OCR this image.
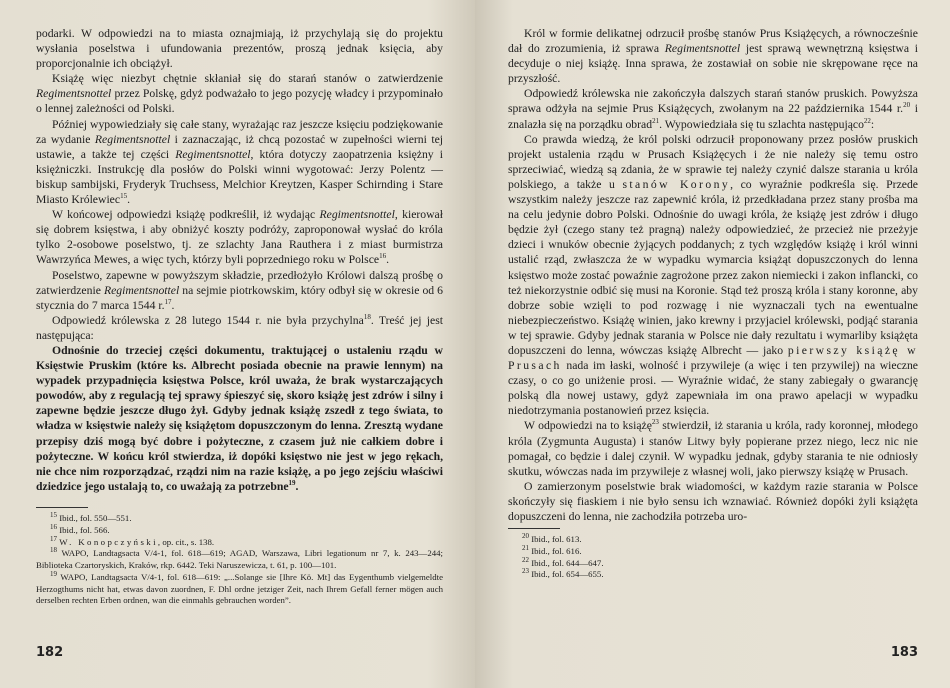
podarki. W odpowiedzi na to miasta oznajmiają, iż przychylają się do projektu wysłania poselstwa i ufundowania prezentów, proszą jednak księcia, aby proporcjonalnie ich obciążył.

Książę więc niezbyt chętnie skłaniał się do starań stanów o zatwierdzenie Regimentsnottel przez Polskę, gdyż podważało to jego pozycję władcy i przypominało o lennej zależności od Polski.

Później wypowiedziały się całe stany, wyrażając raz jeszcze księciu podziękowanie za wydanie Regimentsnottel i zaznaczając, iż chcą pozostać w zupełności wierni tej ustawie, a także tej części Regimentsnottel, która dotyczy zaopatrzenia księżny i księżniczki. Instrukcję dla posłów do Polski winni wygotować: Jerzy Polentz — biskup sambijski, Fryderyk Truchsess, Melchior Kreytzen, Kasper Schirnding i Stare Miasto Królewiec$^{15}$.

W końcowej odpowiedzi książę podkreślił, iż wydając Regimentsnottel, kierował się dobrem księstwa, i aby obniżyć koszty podróży, zaproponował wysłać do króla tylko 2-osobowe poselstwo, tj. ze szlachty Jana Rauthera i z miast burmistrza Wawrzyńca Mewes, a więc tych, którzy byli poprzedniego roku w Polsce$^{16}$.

Poselstwo, zapewne w powyższym składzie, przedłożyło Królowi dalszą prośbę o zatwierdzenie Regimentsnottel na sejmie piotrkowskim, który odbył się w okresie od 6 stycznia do 7 marca 1544 r.$^{17}$.

Odpowiedź królewska z 28 lutego 1544 r. nie była przychylna$^{18}$. Treść jej jest następująca:

Odnośnie do trzeciej części dokumentu, traktującej o ustaleniu rządu w Księstwie Pruskim (które ks. Albrecht posiada obecnie na prawie lennym) na wypadek przypadnięcia księstwa Polsce, król uważa, że brak wystarczających powodów, aby z regulacją tej sprawy śpieszyć się, skoro książę jest zdrów i silny i zapewne będzie jeszcze długo żył. Gdyby jednak książę zszedł z tego świata, to władza w księstwie należy się książętom dopuszczonym do lenna. Zresztą wydane przepisy dziś mogą być dobre i pożyteczne, z czasem już nie całkiem dobre i pożyteczne. W końcu król stwierdza, iż dopóki księstwo nie jest w jego rękach, nie chce nim rozporządzać, rządzi nim na razie książę, a po jego zejściu właściwi dziedzice jego ustalają to, co uważają za potrzebne$^{19}$.

$^{15}$ Ibid., fol. 550—551.

$^{16}$ Ibid., fol. 566.

$^{17}$ W. Konopczyński, op. cit., s. 138.

$^{18}$ WAPO, Landtagsacta V/4-1, fol. 618—619; AGAD, Warszawa, Libri legationum nr 7, k. 243—244; Biblioteka Czartoryskich, Kraków, rkp. 6442. Teki Naruszewicza, t. 61, p. 100—101.

$^{19}$ WAPO, Landtagsacta V/4-1, fol. 618—619: „...Solange sie [Ihre Kö. Mt] das Eygenthumb vielgemeldte Herzogthums nicht hat, etwas davon zuordnen, F. Dhl ordne jetziger Zeit, nach Ihrem Gefall ferner mögen auch derselben rechten Erben ordnen, wan die einmahls gebrauchen worden”.

182

Król w formie delikatnej odrzucił prośbę stanów Prus Książęcych, a równocześnie dał do zrozumienia, iż sprawa Regimentsnottel jest sprawą wewnętrzną księstwa i decyduje o niej książę. Inna sprawa, że zostawiał on sobie nie skrępowane ręce na przyszłość.

Odpowiedź królewska nie zakończyła dalszych starań stanów pruskich. Powyższa sprawa odżyła na sejmie Prus Książęcych, zwołanym na 22 października 1544 r.$^{20}$ i znalazła się na porządku obrad$^{21}$. Wypowiedziała się tu szlachta następująco$^{22}$:

Co prawda wiedzą, że król polski odrzucił proponowany przez posłów pruskich projekt ustalenia rządu w Prusach Książęcych i że nie należy się temu ostro sprzeciwiać, wiedzą są zdania, że w sprawie tej należy czynić dalsze starania u króla polskiego, a także u stanów Korony, co wyraźnie podkreśla się. Przede wszystkim należy jeszcze raz zapewnić króla, iż przedkładana przez stany prośba ma na celu jedynie dobro Polski. Odnośnie do uwagi króla, że książę jest zdrów i długo będzie żył (czego stany też pragną) należy odpowiedzieć, że przecież nie przeżyje dzieci i wnuków obecnie żyjących poddanych; z tych względów książę i król winni ustalić rząd, zwłaszcza że w wypadku wymarcia książąt dopuszczonych do lenna księstwo może zostać powaźnie zagrożone przez zakon niemiecki i zakon inflancki, co też niekorzystnie odbić się musi na Koronie. Stąd też proszą króla i stany koronne, aby dobrze sobie wzięli to pod rozwagę i nie wyznaczali tych na ewentualne niebezpieczeństwo. Książę winien, jako krewny i przyjaciel królewski, podjąć starania w tej sprawie. Gdyby jednak starania w Polsce nie dały rezultatu i wymarliby książęta dopuszczeni do lenna, wówczas książę Albrecht — jako pierwszy książę w Prusach nada im łaski, wolność i przywileje (a więc i ten przywilej) na wieczne czasy, o co go uniżenie prosi. — Wyraźnie widać, że stany zabiegały o gwarancję polską dla nowej ustawy, gdyż zapewniała im ona prawo apelacji w wypadku niedotrzymania postanowień przez księcia.

W odpowiedzi na to książę$^{23}$ stwierdził, iż starania u króla, rady koronnej, młodego króla (Zygmunta Augusta) i stanów Litwy były popierane przez niego, lecz nic nie pomagał, co będzie i dalej czynił. W wypadku jednak, gdyby starania te nie odniosły skutku, wówczas nada im przywileje z własnej woli, jako pierwszy książę w Prusach.

O zamierzonym poselstwie brak wiadomości, w każdym razie starania w Polsce skończyły się fiaskiem i nie było sensu ich wznawiać. Również dopóki żyli książęta dopuszczeni do lenna, nie zachodziła potrzeba uro-

$^{20}$ Ibid., fol. 613.

$^{21}$ Ibid., fol. 616.

$^{22}$ Ibid., fol. 644—647.

$^{23}$ Ibid., fol. 654—655.

183
